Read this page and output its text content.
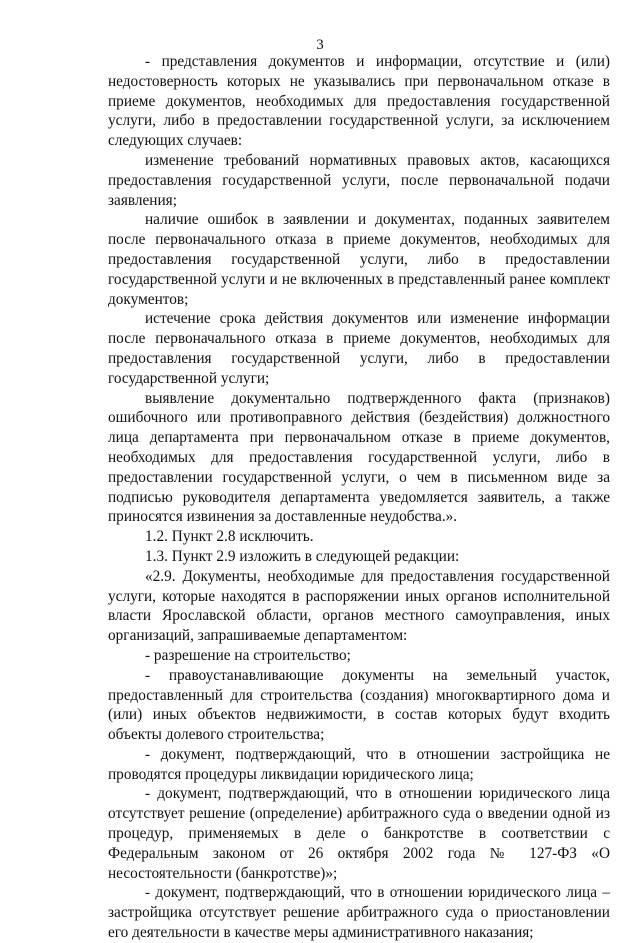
3

- представления документов и информации, отсутствие и (или) недостоверность которых не указывались при первоначальном отказе в приеме документов, необходимых для предоставления государственной услуги, либо в предоставлении государственной услуги, за исключением следующих случаев:

изменение требований нормативных правовых актов, касающихся предоставления государственной услуги, после первоначальной подачи заявления;

наличие ошибок в заявлении и документах, поданных заявителем после первоначального отказа в приеме документов, необходимых для предоставления государственной услуги, либо в предоставлении государственной услуги и не включенных в представленный ранее комплект документов;

истечение срока действия документов или изменение информации после первоначального отказа в приеме документов, необходимых для предоставления государственной услуги, либо в предоставлении государственной услуги;

выявление документально подтвержденного факта (признаков) ошибочного или противоправного действия (бездействия) должностного лица департамента при первоначальном отказе в приеме документов, необходимых для предоставления государственной услуги, либо в предоставлении государственной услуги, о чем в письменном виде за подписью руководителя департамента уведомляется заявитель, а также приносятся извинения за доставленные неудобства.».

1.2. Пункт 2.8 исключить.

1.3. Пункт 2.9 изложить в следующей редакции:

«2.9. Документы, необходимые для предоставления государственной услуги, которые находятся в распоряжении иных органов исполнительной власти Ярославской области, органов местного самоуправления, иных организаций, запрашиваемые департаментом:

- разрешение на строительство;

- правоустанавливающие документы на земельный участок, предоставленный для строительства (создания) многоквартирного дома и (или) иных объектов недвижимости, в состав которых будут входить объекты долевого строительства;

- документ, подтверждающий, что в отношении застройщика не проводятся процедуры ликвидации юридического лица;

- документ, подтверждающий, что в отношении юридического лица отсутствует решение (определение) арбитражного суда о введении одной из процедур, применяемых в деле о банкротстве в соответствии с Федеральным законом от 26 октября 2002 года № 127-ФЗ «О несостоятельности (банкротстве)»;

- документ, подтверждающий, что в отношении юридического лица – застройщика отсутствует решение арбитражного суда о приостановлении его деятельности в качестве меры административного наказания;
